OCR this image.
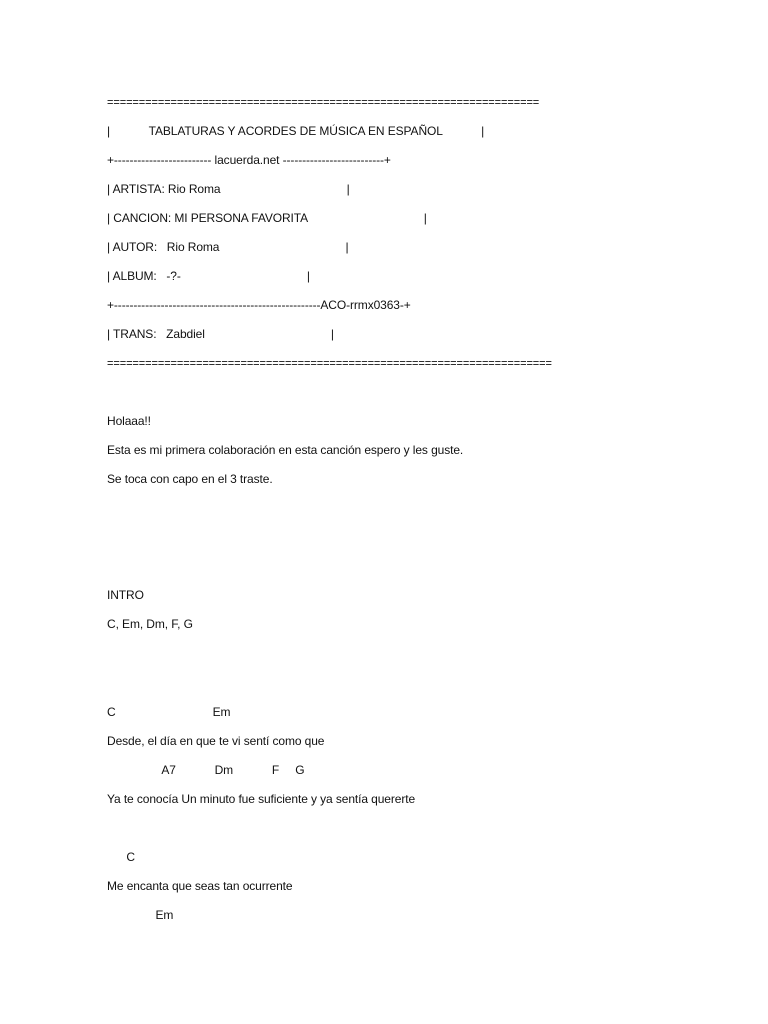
====================================================================
|            TABLATURAS Y ACORDES DE MÚSICA EN ESPAÑOL            |
+------------------------- lacuerda.net --------------------------+
| ARTISTA: Rio Roma                                       |
| CANCION: MI PERSONA FAVORITA                                    |
| AUTOR:   Rio Roma                                       |
| ALBUM:   -?-                                       |
+-----------------------------------------------------ACO-rrmx0363-+
| TRANS:   Zabdiel                                       |
======================================================================
Holaaa!!
Esta es mi primera colaboración en esta canción espero y les guste.
Se toca con capo en el 3 traste.
INTRO
C, Em, Dm, F, G
C                              Em
Desde, el día en que te vi sentí como que
A7            Dm            F     G
Ya te conocía Un minuto fue suficiente y ya sentía quererte
C
Me encanta que seas tan ocurrente
Em
